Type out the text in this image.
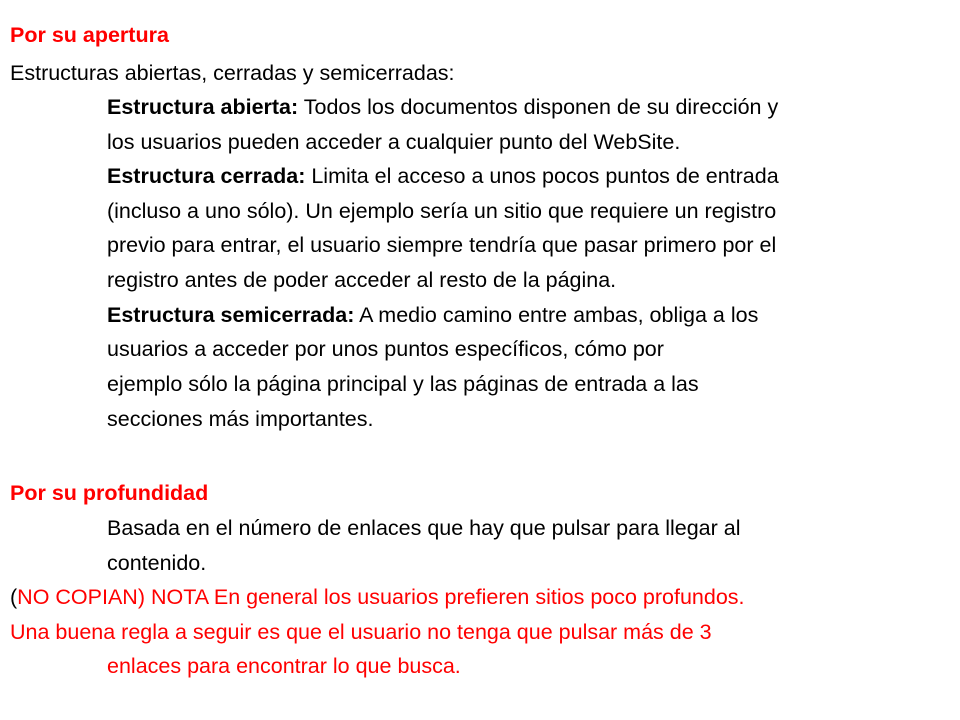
Por su apertura
Estructuras abiertas, cerradas y semicerradas:
Estructura abierta: Todos los documentos disponen de su dirección y
los usuarios pueden acceder a cualquier punto del WebSite.
Estructura cerrada: Limita el acceso a unos pocos puntos de entrada
(incluso a uno sólo). Un ejemplo sería un sitio que requiere un registro
previo para entrar, el usuario siempre tendría que pasar primero por el
registro antes de poder acceder al resto de la página.
Estructura semicerrada: A medio camino entre ambas, obliga a los
usuarios a acceder por unos puntos específicos, cómo por
ejemplo sólo la página principal y las páginas de entrada a las
secciones más importantes.
Por su profundidad
Basada en el número de enlaces que hay que pulsar para llegar al
contenido.
(NO COPIAN) NOTA En general los usuarios prefieren sitios poco profundos.
Una buena regla a seguir es que el usuario no tenga que pulsar más de 3
enlaces para encontrar lo que busca.
